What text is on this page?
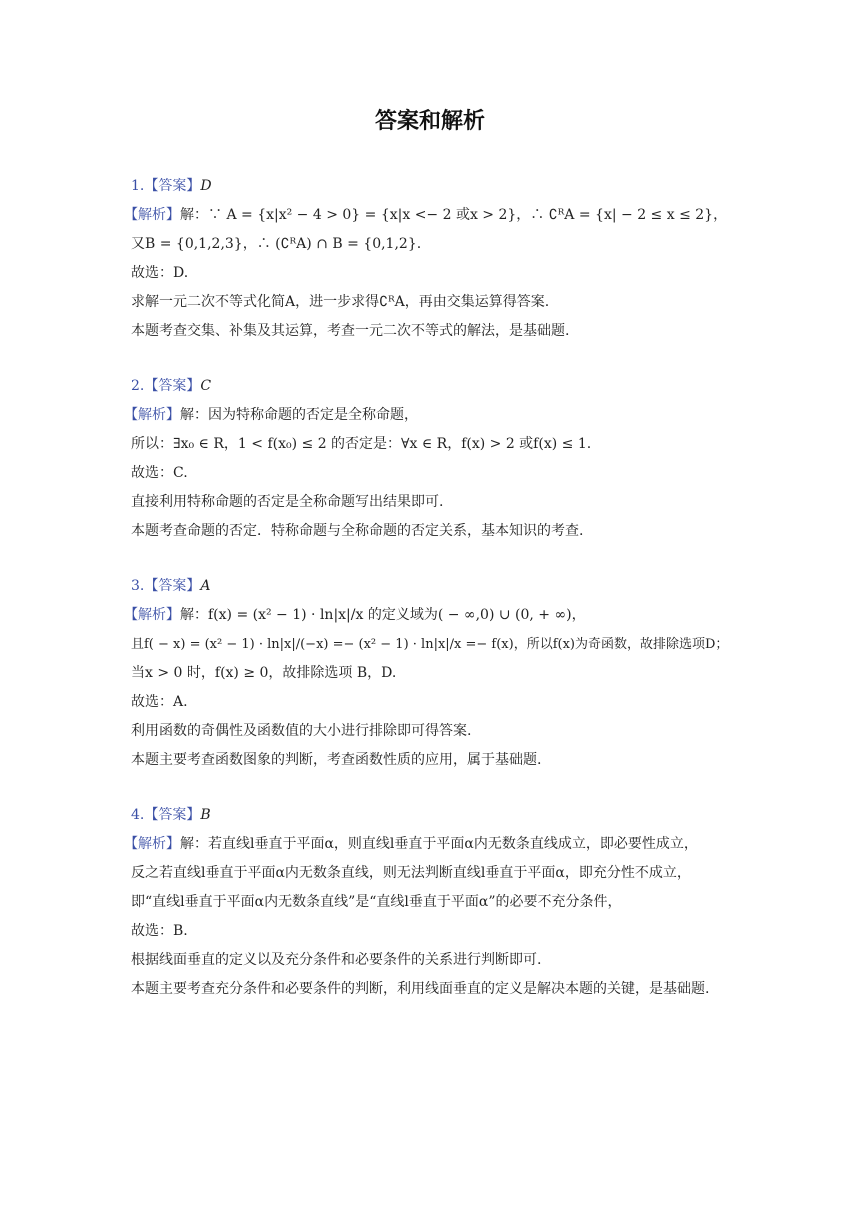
答案和解析
1.【答案】D
【解析】解：∵ A = {x|x² − 4 > 0} = {x|x <− 2 或x > 2}，∴ ∁ᴿA = {x| − 2 ≤ x ≤ 2}，
又B = {0,1,2,3}，∴ (∁ᴿA) ∩ B = {0,1,2}.
故选：D.
求解一元二次不等式化简A，进一步求得∁ᴿA，再由交集运算得答案.
本题考查交集、补集及其运算，考查一元二次不等式的解法，是基础题.
2.【答案】C
【解析】解：因为特称命题的否定是全称命题，
所以：∃x₀ ∈ R，1 < f(x₀) ≤ 2 的否定是：∀x ∈ R，f(x) > 2 或f(x) ≤ 1.
故选：C.
直接利用特称命题的否定是全称命题写出结果即可.
本题考查命题的否定．特称命题与全称命题的否定关系，基本知识的考查.
3.【答案】A
【解析】解：f(x) = (x² − 1) · ln|x|/x 的定义域为( − ∞,0) ∪ (0, + ∞)，
且f( − x) = (x² − 1) · ln|x|/(−x) =− (x² − 1) · ln|x|/x =− f(x)，所以f(x)为奇函数，故排除选项D；
当x > 0 时，f(x) ≥ 0，故排除选项 B，D.
故选：A.
利用函数的奇偶性及函数值的大小进行排除即可得答案.
本题主要考查函数图象的判断，考查函数性质的应用，属于基础题.
4.【答案】B
【解析】解：若直线l垂直于平面α，则直线l垂直于平面α内无数条直线成立，即必要性成立，
反之若直线l垂直于平面α内无数条直线，则无法判断直线l垂直于平面α，即充分性不成立，
即“直线l垂直于平面α内无数条直线”是“直线l垂直于平面α”的必要不充分条件，
故选：B.
根据线面垂直的定义以及充分条件和必要条件的关系进行判断即可.
本题主要考查充分条件和必要条件的判断，利用线面垂直的定义是解决本题的关键，是基础题.
